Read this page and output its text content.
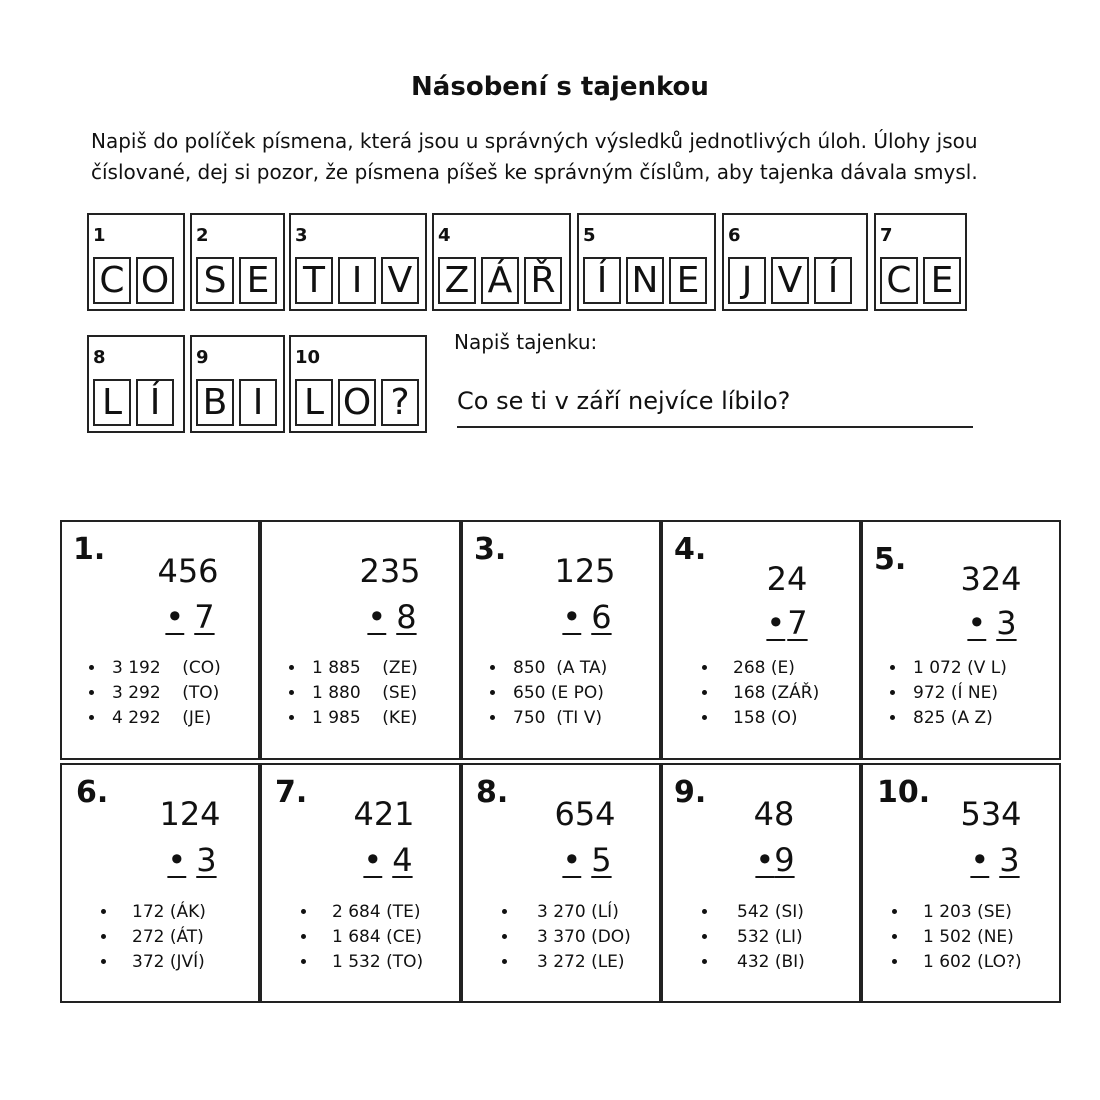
Násobení s tajenkou
Napiš do políček písmena, která jsou u správných výsledků jednotlivých úloh. Úlohy jsou číslované, dej si pozor, že písmena píšeš ke správným číslům, aby tajenka dávala smysl.
1
C O
2
S E
3
T I V
4
Z Á Ř
5
Í N E
6
J V Í
7
C E
8
L Í
9
B I
10
L O ?
Napiš tajenku:
Co se ti v září nejvíce líbilo?
1.
456
• 7
• 3 192    (CO)
• 3 292    (TO)
• 4 292    (JE)
235
• 8
• 1 885    (ZE)
• 1 880    (SE)
• 1 985    (KE)
3.
125
• 6
• 850  (A TA)
• 650 (E PO)
• 750  (TI V)
4.
24
•7
• 268 (E)
• 168 (ZÁŘ)
• 158 (O)
5.
324
• 3
• 1 072 (V L)
• 972 (Í NE)
• 825 (A Z)
6.
124
• 3
• 172 (ÁK)
• 272 (ÁT)
• 372 (JVÍ)
7.
421
• 4
• 2 684 (TE)
• 1 684 (CE)
• 1 532 (TO)
8.
654
• 5
• 3 270 (LÍ)
• 3 370 (DO)
• 3 272 (LE)
9.
48
•9
• 542 (SI)
• 532 (LI)
• 432 (BI)
10.
534
• 3
• 1 203 (SE)
• 1 502 (NE)
• 1 602 (LO?)
